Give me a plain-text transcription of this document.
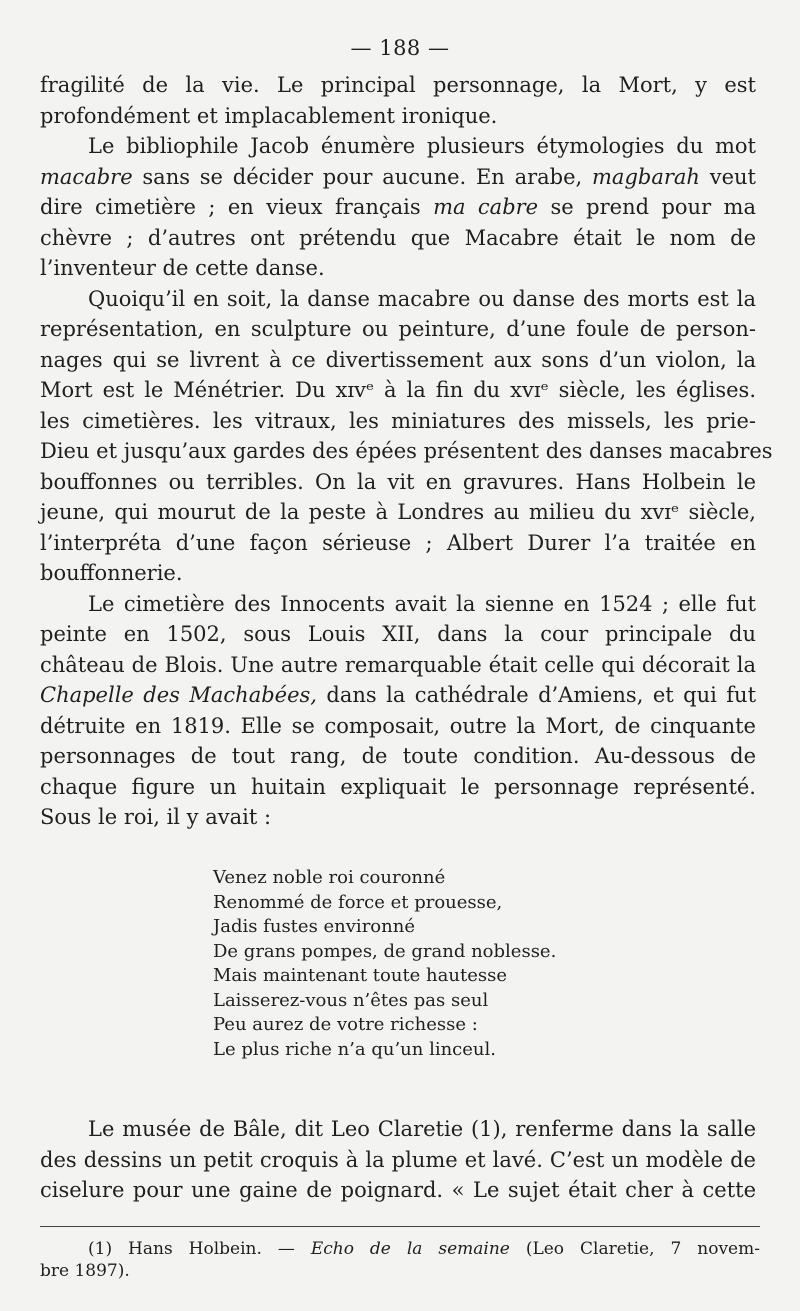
— 188 —
fragilité de la vie. Le principal personnage, la Mort, y est
profondément et implacablement ironique.
Le bibliophile Jacob énumère plusieurs étymologies du mot
macabre sans se décider pour aucune. En arabe, magbarah veut
dire cimetière ; en vieux français ma cabre se prend pour ma
chèvre ; d’autres ont prétendu que Macabre était le nom de
l’inventeur de cette danse.
Quoiqu’il en soit, la danse macabre ou danse des morts est la
représentation, en sculpture ou peinture, d’une foule de person-
nages qui se livrent à ce divertissement aux sons d’un violon, la
Mort est le Ménétrier. Du xɪᴠᵉ à la fin du xᴠɪᵉ siècle, les églises.
les cimetières. les vitraux, les miniatures des missels, les prie-
Dieu et jusqu’aux gardes des épées présentent des danses macabres
bouffonnes ou terribles. On la vit en gravures. Hans Holbein le
jeune, qui mourut de la peste à Londres au milieu du xᴠɪᵉ siècle,
l’interpréta d’une façon sérieuse ; Albert Durer l’a traitée en
bouffonnerie.
Le cimetière des Innocents avait la sienne en 1524 ; elle fut
peinte en 1502, sous Louis XII, dans la cour principale du
château de Blois. Une autre remarquable était celle qui décorait la
Chapelle des Machabées, dans la cathédrale d’Amiens, et qui fut
détruite en 1819. Elle se composait, outre la Mort, de cinquante
personnages de tout rang, de toute condition. Au-dessous de
chaque figure un huitain expliquait le personnage représenté.
Sous le roi, il y avait :
Venez noble roi couronné
Renommé de force et prouesse,
Jadis fustes environné
De grans pompes, de grand noblesse.
Mais maintenant toute hautesse
Laisserez-vous n’êtes pas seul
Peu aurez de votre richesse :
Le plus riche n’a qu’un linceul.
Le musée de Bâle, dit Leo Claretie (1), renferme dans la salle
des dessins un petit croquis à la plume et lavé. C’est un modèle de
ciselure pour une gaine de poignard. « Le sujet était cher à cette
(1) Hans Holbein. — Echo de la semaine (Leo Claretie, 7 novem-
bre 1897).
